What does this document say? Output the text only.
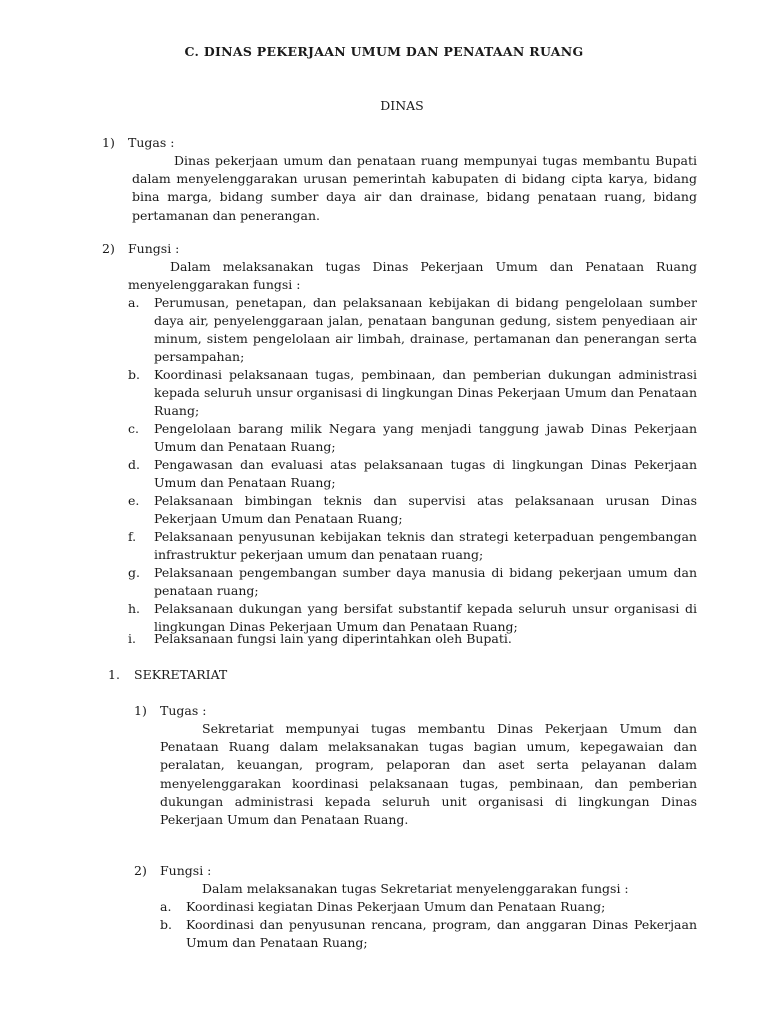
C. DINAS PEKERJAAN UMUM DAN PENATAAN RUANG
DINAS
1) Tugas :
Dinas pekerjaan umum dan penataan ruang mempunyai tugas membantu Bupati dalam menyelenggarakan urusan pemerintah kabupaten di bidang cipta karya, bidang bina marga, bidang sumber daya air dan drainase, bidang penataan ruang, bidang pertamanan dan penerangan.
2) Fungsi :
Dalam melaksanakan tugas Dinas Pekerjaan Umum dan Penataan Ruang menyelenggarakan fungsi :
a. Perumusan, penetapan, dan pelaksanaan kebijakan di bidang pengelolaan sumber daya air, penyelenggaraan jalan, penataan bangunan gedung, sistem penyediaan air minum, sistem pengelolaan air limbah, drainase, pertamanan dan penerangan serta persampahan;
b. Koordinasi pelaksanaan tugas, pembinaan, dan pemberian dukungan administrasi kepada seluruh unsur organisasi di lingkungan Dinas Pekerjaan Umum dan Penataan Ruang;
c. Pengelolaan barang milik Negara yang menjadi tanggung jawab Dinas Pekerjaan Umum dan Penataan Ruang;
d. Pengawasan dan evaluasi atas pelaksanaan tugas di lingkungan Dinas Pekerjaan Umum dan Penataan Ruang;
e. Pelaksanaan bimbingan teknis dan supervisi atas pelaksanaan urusan Dinas Pekerjaan Umum dan Penataan Ruang;
f. Pelaksanaan penyusunan kebijakan teknis dan strategi keterpaduan pengembangan infrastruktur pekerjaan umum dan penataan ruang;
g. Pelaksanaan pengembangan sumber daya manusia di bidang pekerjaan umum dan penataan ruang;
h. Pelaksanaan dukungan yang bersifat substantif kepada seluruh unsur organisasi di lingkungan Dinas Pekerjaan Umum dan Penataan Ruang;
i. Pelaksanaan fungsi lain yang diperintahkan oleh Bupati.
1. SEKRETARIAT
1) Tugas :
Sekretariat mempunyai tugas membantu Dinas Pekerjaan Umum dan Penataan Ruang dalam melaksanakan tugas bagian umum, kepegawaian dan peralatan, keuangan, program, pelaporan dan aset serta pelayanan dalam menyelenggarakan koordinasi pelaksanaan tugas, pembinaan, dan pemberian dukungan administrasi kepada seluruh unit organisasi di lingkungan Dinas Pekerjaan Umum dan Penataan Ruang.
2) Fungsi :
Dalam melaksanakan tugas Sekretariat menyelenggarakan fungsi :
a. Koordinasi kegiatan Dinas Pekerjaan Umum dan Penataan Ruang;
b. Koordinasi dan penyusunan rencana, program, dan anggaran Dinas Pekerjaan Umum dan Penataan Ruang;
